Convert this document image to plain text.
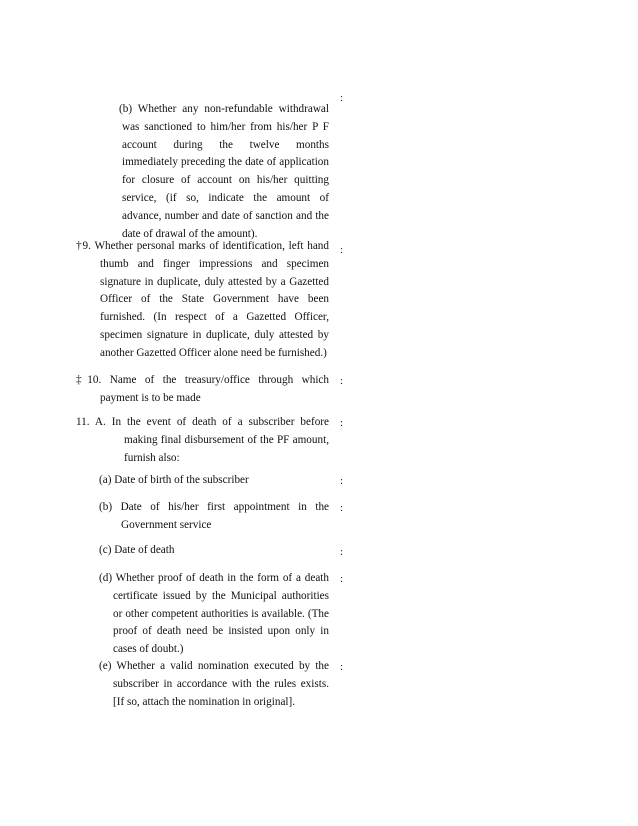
(b) Whether any non-refundable withdrawal was sanctioned to him/her from his/her P F account during the twelve months immediately preceding the date of application for closure of account on his/her quitting service, (if so, indicate the amount of advance, number and date of sanction and the date of drawal of the amount).

:

†9. Whether personal marks of identification, left hand thumb and finger impressions and specimen signature in duplicate, duly attested by a Gazetted Officer of the State Government have been furnished. (In respect of a Gazetted Officer, specimen signature in duplicate, duly attested by another Gazetted Officer alone need be furnished.)

:

‡10. Name of the treasury/office through which payment is to be made

:

11. A. In the event of death of a subscriber before making final disbursement of the PF amount, furnish also:

:

(a) Date of birth of the subscriber	:

(b) Date of his/her first appointment in the Government service

:

(c) Date of death	:

(d) Whether proof of death in the form of a death certificate issued by the Municipal authorities or other competent authorities is available. (The proof of death need be insisted upon only in cases of doubt.)

:

(e) Whether a valid nomination executed by the subscriber in accordance with the rules exists. [If so, attach the nomination in original].

:
